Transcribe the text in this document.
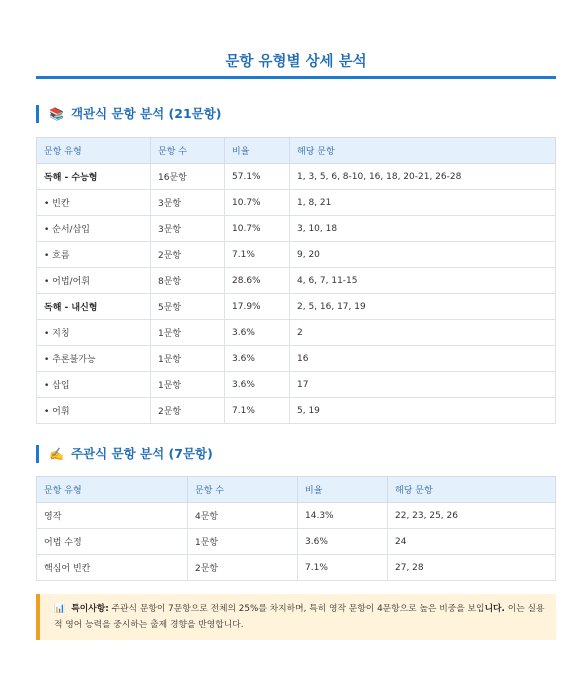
문항 유형별 상세 분석
📚 객관식 문항 분석 (21문항)
문항 유형	문항 수	비율	해당 문항
독해 - 수능형	16문항	57.1%	1, 3, 5, 6, 8-10, 16, 18, 20-21, 26-28
• 빈칸	3문항	10.7%	1, 8, 21
• 순서/삽입	3문항	10.7%	3, 10, 18
• 흐름	2문항	7.1%	9, 20
• 어법/어휘	8문항	28.6%	4, 6, 7, 11-15
독해 - 내신형	5문항	17.9%	2, 5, 16, 17, 19
• 지칭	1문항	3.6%	2
• 추론불가능	1문항	3.6%	16
• 삽입	1문항	3.6%	17
• 어휘	2문항	7.1%	5, 19
✍️ 주관식 문항 분석 (7문항)
문항 유형	문항 수	비율	해당 문항
영작	4문항	14.3%	22, 23, 25, 26
어법 수정	1문항	3.6%	24
핵심어 빈칸	2문항	7.1%	27, 28
📊 특이사항: 주관식 문항이 7문항으로 전체의 25%를 차지하며, 특히 영작 문항이 4문항으로 높은 비중을 보입니다. 이는 실용적 영어 능력을 중시하는 출제 경향을 반영합니다.
